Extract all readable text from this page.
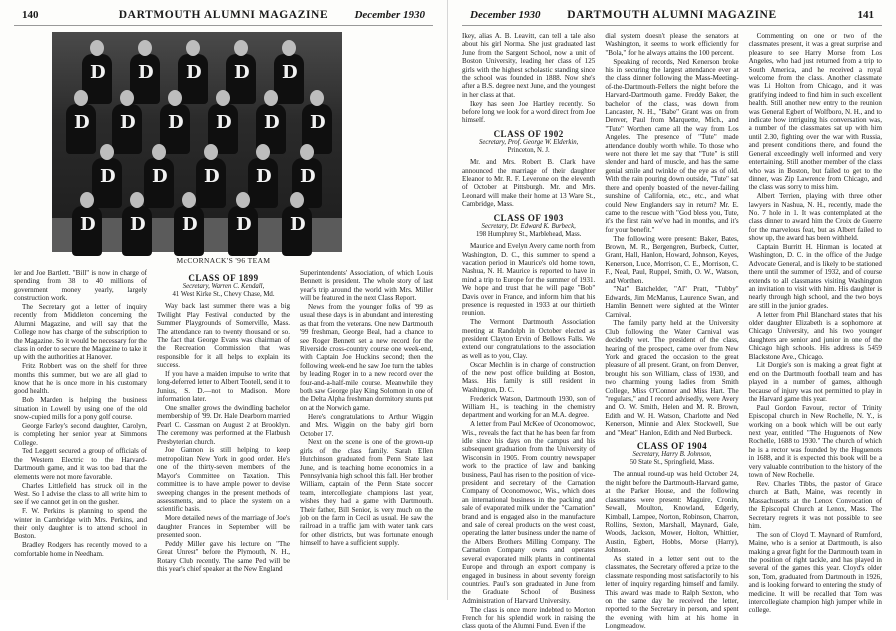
140	DARTMOUTH ALUMNI MAGAZINE	December 1930
D D D D D
D D D D D D
D D D D D
D D D D D
McCORNACK'S '96 TEAM

ler and Joe Bartlett. "Bill" is now in charge of spending from 38 to 40 millions of government money yearly, largely construction work.

The Secretary got a letter of inquiry recently from Middleton concerning the Alumni Magazine, and will say that the College now has charge of the subscription to the Magazine. So it would be necessary for the class in order to secure the Magazine to take it up with the authorities at Hanover.

Fritz Robbert was on the shelf for three months this summer, but we are all glad to know that he is once more in his customary good health.

Bob Marden is helping the business situation in Lowell by using one of the old snow-cupied mills for a pony golf course.

George Farley's second daughter, Carolyn, is completing her senior year at Simmons College.

Ted Leggett secured a group of officials of the Western Electric to the Harvard-Dartmouth game, and it was too bad that the elements were not more favorable.

Charles Littlefield has struck oil in the West. So I advise the class to all write him to see if we cannot get in on the gusher.

F. W. Perkins is planning to spend the winter in Cambridge with Mrs. Perkins, and their only daughter is to attend school in Boston.

Bradley Rodgers has recently moved to a comfortable home in Needham.

CLASS OF 1899
Secretary, Warren C. Kendall,
41 West Kirke St., Chevy Chase, Md.

Way back last summer there was a big Twilight Play Festival conducted by the Summer Playgrounds of Somerville, Mass. The attendance ran to twenty thousand or so. The fact that George Evans was chairman of the Recreation Commission that was responsible for it all helps to explain its success.

If you have a maiden impulse to write that long-deferred letter to Albert Tootell, send it to Junius, S. D.—not to Madison. More information later.

One smaller grows the dwindling bachelor membership of '99. Dr. Hale Dearborn married Pearl C. Cassman on August 2 at Brooklyn. The ceremony was performed at the Flatbush Presbyterian church.

Joe Gannon is still helping to keep metropolitan New York in good order. He's one of the thirty-seven members of the Mayor's Committee on Taxation. This committee is to have ample power to devise sweeping changes in the present methods of assessments, and to place the system on a scientific basis.

More detailed news of the marriage of Joe's daughter Frances in September will be presented soon.

Peddy Miller gave his lecture on "The Great Unrest" before the Plymouth, N. H., Rotary Club recently. The same Ped will be this year's chief speaker at the New England

Superintendents' Association, of which Louis Bennett is president. The whole story of last year's trip around the world with Mrs. Miller will be featured in the next Class Report.

News from the younger folks of '99 as usual these days is in abundant and interesting as that from the veterans. One new Dartmouth '99 freshman, George Beal, had a chance to see Roger Bennett set a new record for the Riverside cross-country course one week-end, with Captain Joe Huckins second; then the following week-end he saw Joe turn the tables by leading Roger in to a new record over the four-and-a-half-mile course. Meanwhile they both saw George play King Solomon in one of the Delta Alpha freshman dormitory stunts put on at the Norwich game.

Here's congratulations to Arthur Wiggin and Mrs. Wiggin on the baby girl born October 17.

Next on the scene is one of the grown-up girls of the class family. Sarah Ellen Hutchinson graduated from Penn State last June, and is teaching home economics in a Pennsylvania high school this fall. Her brother William, captain of the Penn State soccer team, intercollegiate champions last year, wishes they had a game with Dartmouth. Their father, Bill Senior, is very much on the job on the farm in Cecil as usual. He saw the railroad in a traffic jam with water tank cars for other districts, but was fortunate enough himself to have a sufficient supply.

December 1930	DARTMOUTH ALUMNI MAGAZINE	141

Ikey, alias A. B. Leavitt, can tell a tale also about his girl Norma. She just graduated last June from the Sargent School, now a unit of Boston University, leading her class of 125 girls with the highest scholastic standing since the school was founded in 1888. Now she's after a B.S. degree next June, and the youngest in her class at that.

Ikey has seen Joe Hartley recently. So before long we look for a word direct from Joe himself.

CLASS OF 1902
Secretary, Prof. George W. Elderkin,
Princeton, N. J.

Mr. and Mrs. Robert B. Clark have announced the marriage of their daughter Eleanor to Mr. R. F. Leverone on the eleventh of October at Pittsburgh. Mr. and Mrs. Leonard will make their home at 13 Ware St., Cambridge, Mass.

CLASS OF 1903
Secretary, Dr. Edward K. Burbeck,
198 Humphrey St., Marblehead, Mass.

Maurice and Evelyn Avery came north from Washington, D. C., this summer to spend a vacation period in Maurice's old home town, Nashua, N. H. Maurice is reported to have in mind a trip to Europe for the summer of 1931. We hope and trust that he will page "Bob" Davis over in France, and inform him that his presence is requested in 1933 at our thirtieth reunion.

The Vermont Dartmouth Association meeting at Randolph in October elected as president Clayton Ervin of Bellows Falls. We extend our congratulations to the association as well as to you, Clay.

Oscar Mechlin is in charge of construction of the new post office building at Boston, Mass. His family is still resident in Washington, D. C.

Frederick Watson, Dartmouth 1930, son of William H., is teaching in the chemistry department and working for an M.A. degree.

A letter from Paul McKee of Oconomowoc, Wis., reveals the fact that he has been far from idle since his days on the campus and his subsequent graduation from the University of Wisconsin in 1905. From country newspaper work to the practice of law and banking business, Paul has risen to the position of vice-president and secretary of the Carnation Company of Oconomowoc, Wis., which does an international business in the packing and sale of evaporated milk under the "Carnation" brand and is engaged also in the manufacture and sale of cereal products on the west coast, operating the latter business under the name of the Albers Brothers Milling Company. The Carnation Company owns and operates several evaporated milk plants in continental Europe and through an export company is engaged in business in about seventy foreign countries. Paul's son graduated in June from the Graduate School of Business Administration of Harvard University.

The class is once more indebted to Morton French for his splendid work in raising the class quota of the Alumni Fund. Even if the

dial system doesn't please the senators at Washington, it seems to work efficiently for "Bola," for he always attains the 100 percent.

Speaking of records, Ned Kenerson broke his in securing the largest attendance ever at the class dinner following the Mass-Meeting-of-the-Dartmouth-Fellers the night before the Harvard-Dartmouth game. Freddy Baker, the bachelor of the class, was down from Lancaster, N. H., "Babe" Grant was on from Denver, Paul from Marquette, Mich., and "Tute" Worthen came all the way from Los Angeles. The presence of "Tute" made attendance doubly worth while. To those who were not there let me say that "Tute" is still slender and hard of muscle, and has the same genial smile and twinkle of the eye as of old. With the rain pouring down outside, "Tute" sat there and openly boasted of the never-failing sunshine of California, etc., etc., and what could New Englanders say in return? Mr. E. came to the rescue with "God bless you, Tute, it's the first rain we've had in months, and it's for your benefit."

The following were present: Baker, Bates, Brown, M. R., Bergengren, Burbeck, Cutter, Grant, Hall, Hanlon, Howard, Johnson, Keyes, Kenerson, Luce, Morrison, C. E., Morrison, C. F., Neal, Paul, Ruppel, Smith, O. W., Watson, and Worthen.

"Nat" Batchelder, "Al" Pratt, "Tubby" Edwards, Jim McManus, Laurence Swan, and Hamlin Bennett were sighted at the Winter Carnival.

The family party held at the University Club following the Water Carnival was decidedly wet. The president of the class, hearing of the prospect, came over from New York and graced the occasion to the great pleasure of all present. Grant, on from Denver, brought his son William, class of 1930, and two charming young ladies from Smith College, Miss O'Connor and Miss Hart. The "regulars," and I record advisedly, were Avery and O. W. Smith, Helen and M. R. Brown, Edith and W. H. Watson, Charlotte and Ned Kenerson, Minnie and Alex Stockwell, Sue and "Meat" Hanlon, Edith and Ned Burbeck.

CLASS OF 1904
Secretary, Harry B. Johnson,
50 State St., Springfield, Mass.

The annual round-up was held October 24, the night before the Dartmouth-Harvard game, at the Parker House, and the following classmates were present: Maguire, Cronin, Sewall, Moulton, Knowland, Edgerly, Kimball, Lampee, Norton, Robinson, Charron, Rollins, Sexton, Marshall, Maynard, Gale, Woods, Jackson, Mower, Holton, Whittier, Austin, Egbert, Hobbs, Morse (Harry), Johnson.

As stated in a letter sent out to the classmates, the Secretary offered a prize to the classmate responding most satisfactorily to his letter of inquiry regarding himself and family. This award was made to Ralph Sexton, who on the same day he received the letter, reported to the Secretary in person, and spent the evening with him at his home in Longmeadow.

Commenting on one or two of the classmates present, it was a great surprise and pleasure to see Harry Morse from Los Angeles, who had just returned from a trip to South America, and he received a royal welcome from the class. Another classmate was Li Holton from Chicago, and it was gratifying indeed to find him in such excellent health. Still another new entry to the reunion was General Egbert of Wolfboro, N. H., and to indicate how intriguing his conversation was, a number of the classmates sat up with him until 2.30, fighting over the war with Russia, and present conditions there, and found the General exceedingly well informed and very entertaining. Still another member of the class who was in Boston, but failed to get to the dinner, was Zip Lawrence from Chicago, and the class was sorry to miss him.

Albert Terrien, playing with three other lawyers in Nashua, N. H., recently, made the No. 7 hole in 1. It was contemplated at the class dinner to award him the Croix de Guerre for the marvelous feat, but as Albert failed to show up, the award has been withheld.

Captain Burritt H. Hinman is located at Washington, D. C. in the office of the Judge Advocate General, and is likely to be stationed there until the summer of 1932, and of course extends to all classmates visiting Washington an invitation to visit with him. His daughter is nearly through high school, and the two boys are still in the junior grades.

A letter from Phil Blanchard states that his older daughter Elizabeth is a sophomore at Chicago University, and his two younger daughters are senior and junior in one of the Chicago high schools. His address is 5459 Blackstone Ave., Chicago.

Lit Dorgie's son is making a great fight at end on the Dartmouth football team and has played in a number of games, although because of injury was not permitted to play in the Harvard game this year.

Paul Gordon Favour, rector of Trinity Episcopal church in New Rochelle, N. Y., is working on a book which will be out early next year, entitled "The Huguenots of New Rochelle, 1688 to 1930." The church of which he is a rector was founded by the Huguenots in 1688, and it is expected this book will be a very valuable contribution to the history of the town of New Rochelle.

Rev. Charles Tibbs, the pastor of Grace church at Bath, Maine, was recently in Massachusetts at the Lenox Convocation of the Episcopal Church at Lenox, Mass. The Secretary regrets it was not possible to see him.

The son of Cloyd T. Maynard of Rumford, Maine, who is a senior at Dartmouth, is also making a great fight for the Dartmouth team in the position of right tackle, and has played in several of the games this year. Cloyd's older son, Tom, graduated from Dartmouth in 1926, and is looking forward to entering the study of medicine. It will be recalled that Tom was intercollegiate champion high jumper while in college.
